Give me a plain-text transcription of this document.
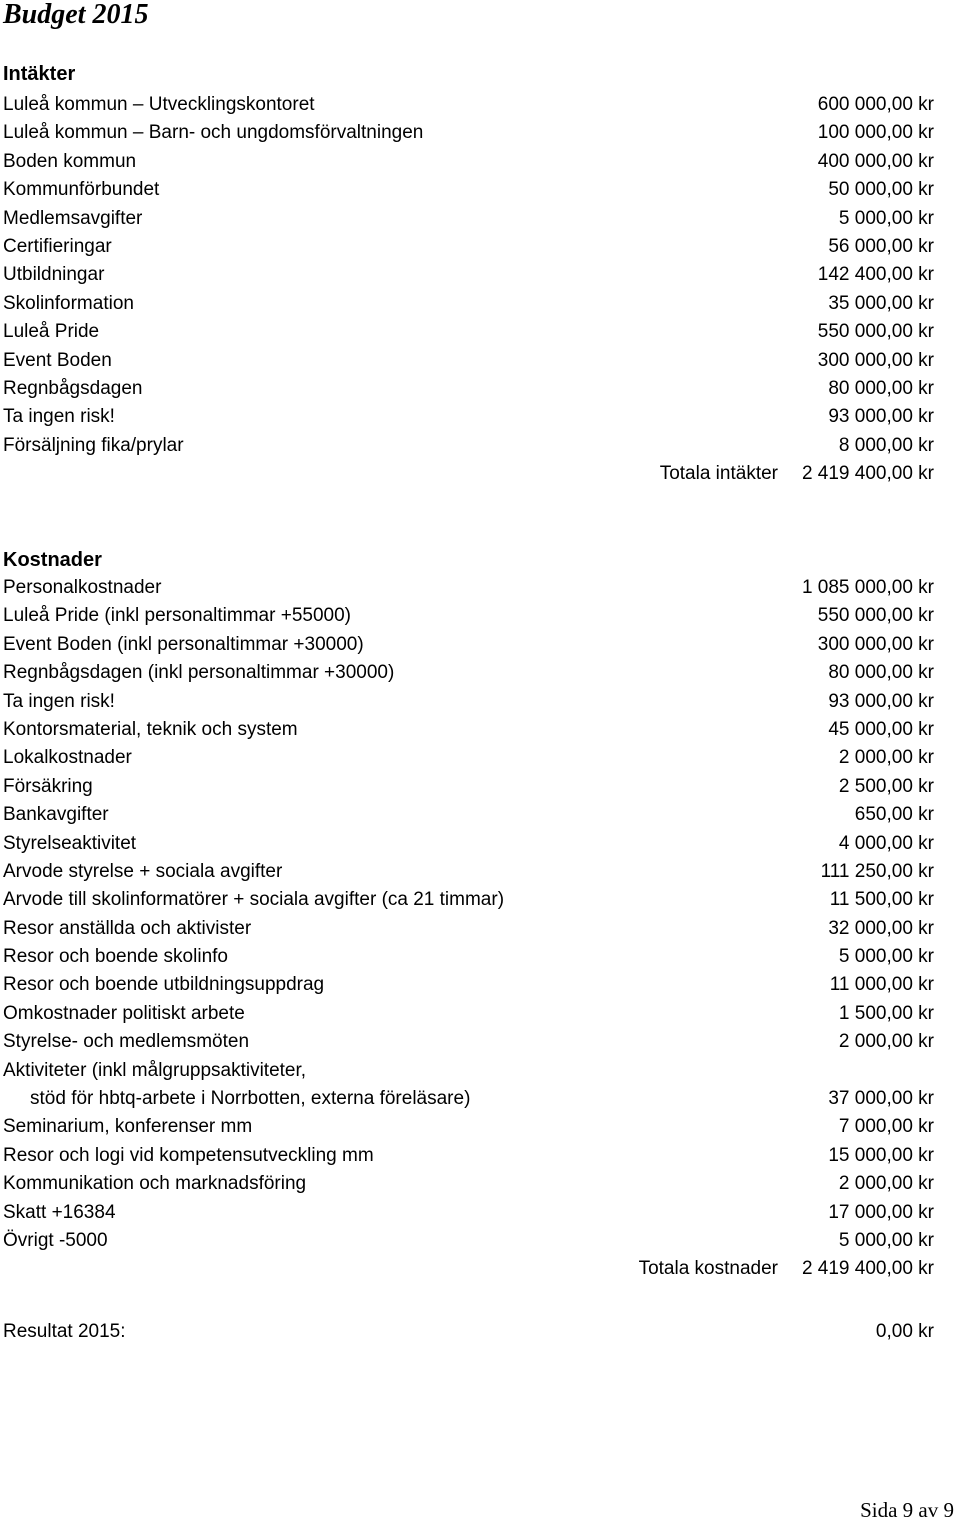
Budget 2015
Intäkter
Luleå kommun – Utvecklingskontoret	600 000,00 kr
Luleå kommun – Barn- och ungdomsförvaltningen	100 000,00 kr
Boden kommun	400 000,00 kr
Kommunförbundet	50 000,00 kr
Medlemsavgifter	5 000,00 kr
Certifieringar	56 000,00 kr
Utbildningar	142 400,00 kr
Skolinformation	35 000,00 kr
Luleå Pride	550 000,00 kr
Event Boden	300 000,00 kr
Regnbågsdagen	80 000,00 kr
Ta ingen risk!	93 000,00 kr
Försäljning fika/prylar	8 000,00 kr
Totala intäkter 2 419 400,00 kr
Kostnader
Personalkostnader	1 085 000,00 kr
Luleå Pride (inkl personaltimmar +55000)	550 000,00 kr
Event Boden (inkl personaltimmar +30000)	300 000,00 kr
Regnbågsdagen (inkl personaltimmar +30000)	80 000,00 kr
Ta ingen risk!	93 000,00 kr
Kontorsmaterial, teknik och system	45 000,00 kr
Lokalkostnader	2 000,00 kr
Försäkring	2 500,00 kr
Bankavgifter	650,00 kr
Styrelseaktivitet	4 000,00 kr
Arvode styrelse + sociala avgifter	111 250,00 kr
Arvode till skolinformatörer + sociala avgifter (ca 21 timmar)	11 500,00 kr
Resor anställda och aktivister	32 000,00 kr
Resor och boende skolinfo	5 000,00 kr
Resor och boende utbildningsuppdrag	11 000,00 kr
Omkostnader politiskt arbete	1 500,00 kr
Styrelse- och medlemsmöten	2 000,00 kr
Aktiviteter (inkl målgruppsaktiviteter,
stöd för hbtq-arbete i Norrbotten, externa föreläsare)	37 000,00 kr
Seminarium, konferenser mm	7 000,00 kr
Resor och logi vid kompetensutveckling mm	15 000,00 kr
Kommunikation och marknadsföring	2 000,00 kr
Skatt +16384	17 000,00 kr
Övrigt -5000	5 000,00 kr
Totala kostnader 2 419 400,00 kr
Resultat 2015:	0,00 kr
Sida 9 av 9
